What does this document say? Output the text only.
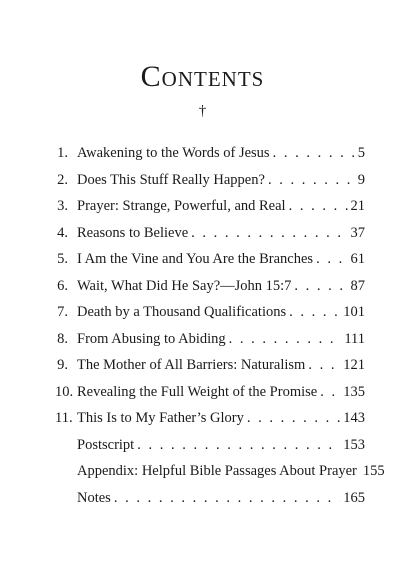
Contents
†
1. Awakening to the Words of Jesus . . .	5
2. Does This Stuff Really Happen? . . .	9
3. Prayer: Strange, Powerful, and Real . . .	21
4. Reasons to Believe . . .	37
5. I Am the Vine and You Are the Branches . . .	61
6. Wait, What Did He Say?—John 15:7 . . .	87
7. Death by a Thousand Qualifications . . .	101
8. From Abusing to Abiding . . .	111
9. The Mother of All Barriers: Naturalism . . .	121
10. Revealing the Full Weight of the Promise . . . 135
11. This Is to My Father’s Glory . . .	143
Postscript . . .	153
Appendix: Helpful Bible Passages About Prayer 155
Notes . . .	165
